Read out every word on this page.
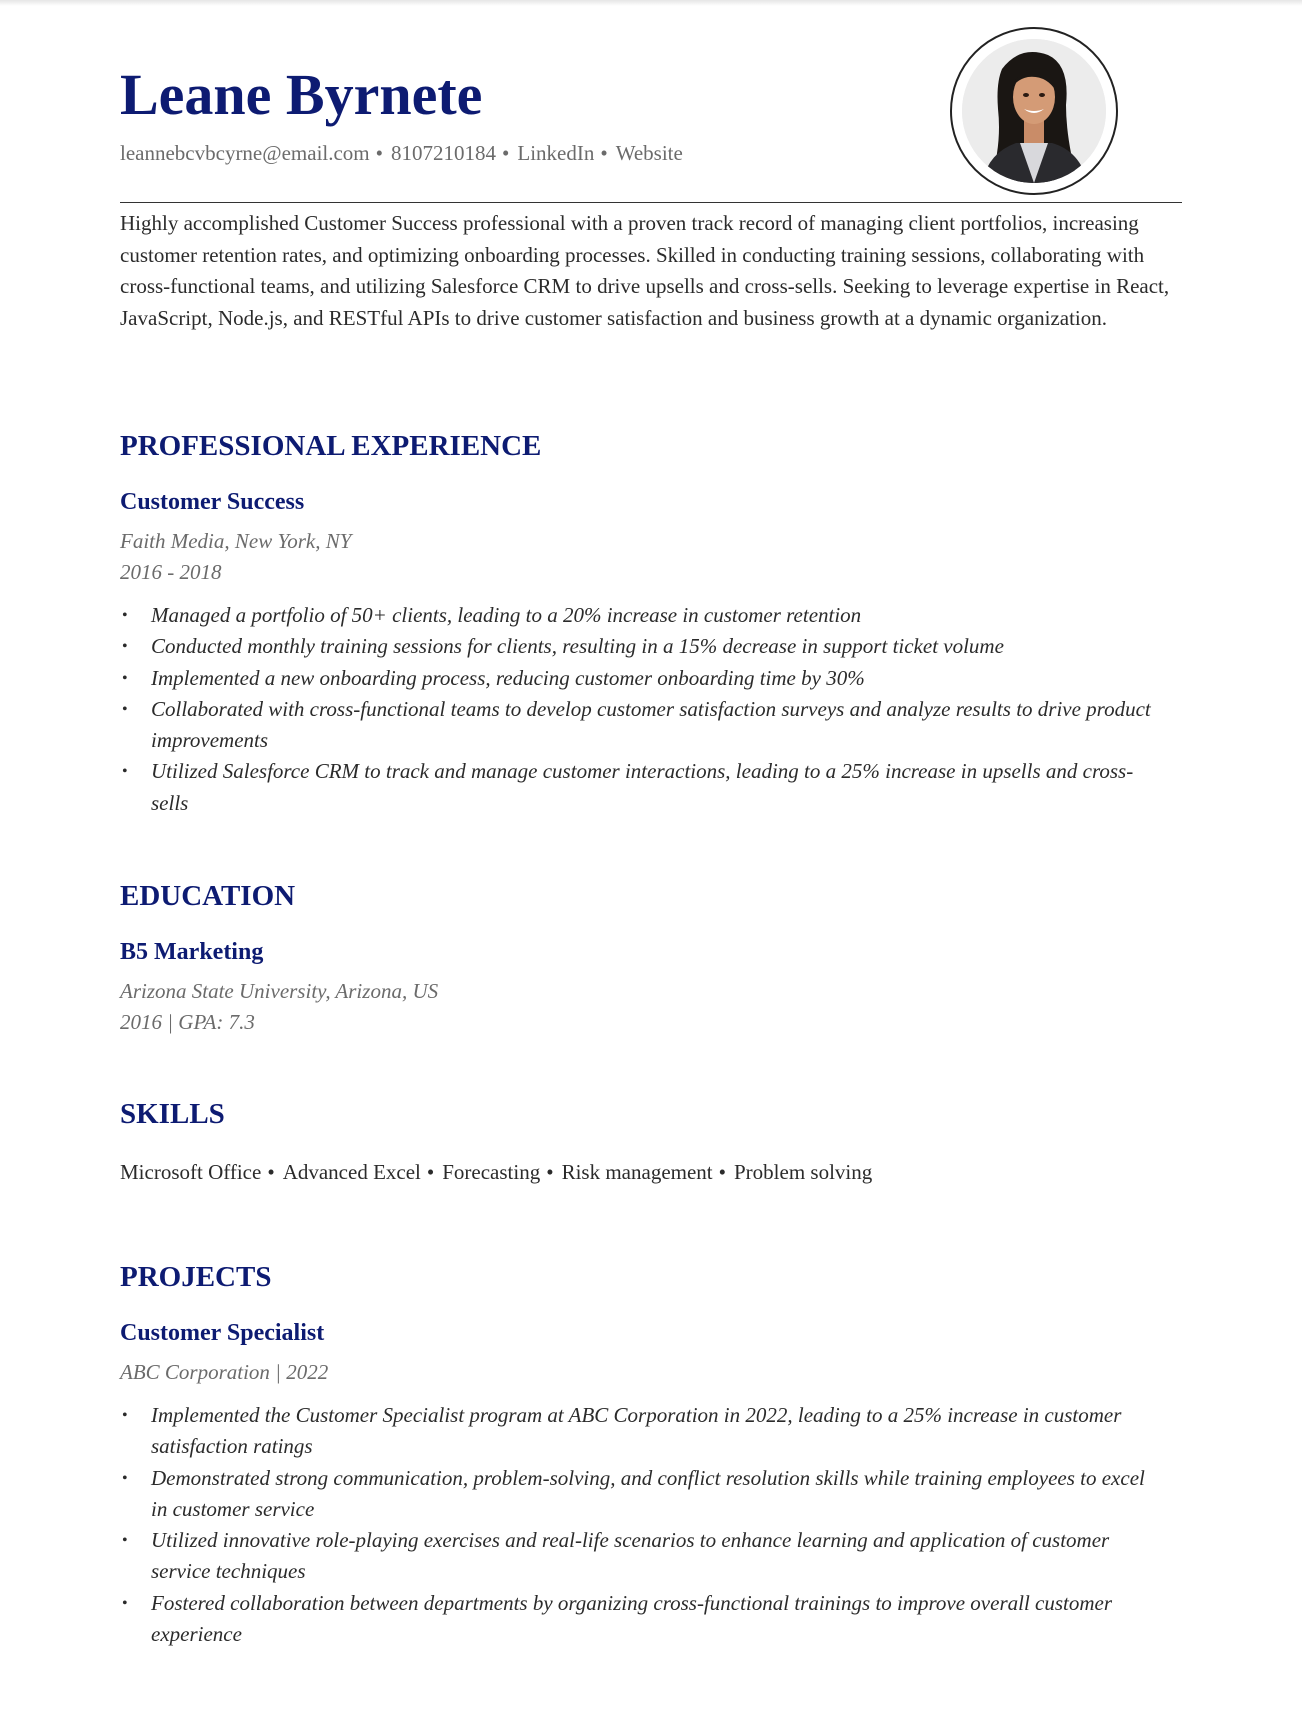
Leane Byrnete
leannebcvbcyrne@email.com • 8107210184 • LinkedIn • Website

Highly accomplished Customer Success professional with a proven track record of managing client portfolios, increasing customer retention rates, and optimizing onboarding processes. Skilled in conducting training sessions, collaborating with cross-functional teams, and utilizing Salesforce CRM to drive upsells and cross-sells. Seeking to leverage expertise in React, JavaScript, Node.js, and RESTful APIs to drive customer satisfaction and business growth at a dynamic organization.

PROFESSIONAL EXPERIENCE
Customer Success
Faith Media, New York, NY
2016 - 2018
• Managed a portfolio of 50+ clients, leading to a 20% increase in customer retention
• Conducted monthly training sessions for clients, resulting in a 15% decrease in support ticket volume
• Implemented a new onboarding process, reducing customer onboarding time by 30%
• Collaborated with cross-functional teams to develop customer satisfaction surveys and analyze results to drive product improvements
• Utilized Salesforce CRM to track and manage customer interactions, leading to a 25% increase in upsells and cross-sells
EDUCATION
B5 Marketing
Arizona State University, Arizona, US
2016 | GPA: 7.3
SKILLS
Microsoft Office • Advanced Excel • Forecasting • Risk management • Problem solving
PROJECTS
Customer Specialist
ABC Corporation | 2022
• Implemented the Customer Specialist program at ABC Corporation in 2022, leading to a 25% increase in customer satisfaction ratings
• Demonstrated strong communication, problem-solving, and conflict resolution skills while training employees to excel in customer service
• Utilized innovative role-playing exercises and real-life scenarios to enhance learning and application of customer service techniques
• Fostered collaboration between departments by organizing cross-functional trainings to improve overall customer experience
